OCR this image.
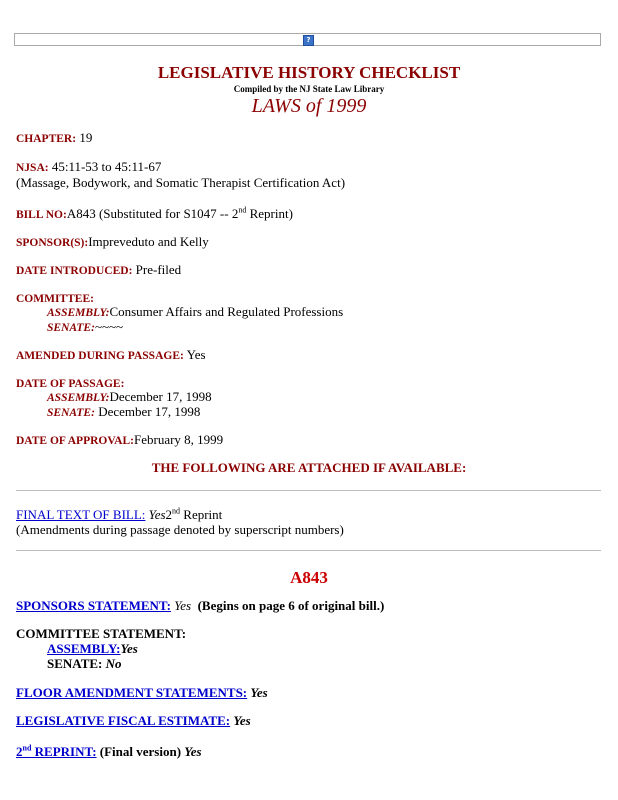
?
LEGISLATIVE HISTORY CHECKLIST
Compiled by the NJ State Law Library
LAWS of 1999
CHAPTER: 19
NJSA: 45:11-53 to 45:11-67
(Massage, Bodywork, and Somatic Therapist Certification Act)
BILL NO:A843 (Substituted for S1047 -- 2nd Reprint)
SPONSOR(S):Impreveduto and Kelly
DATE INTRODUCED: Pre-filed
COMMITTEE:
ASSEMBLY:Consumer Affairs and Regulated Professions
SENATE:~~~~
AMENDED DURING PASSAGE: Yes
DATE OF PASSAGE:
ASSEMBLY:December 17, 1998
SENATE: December 17, 1998
DATE OF APPROVAL:February 8, 1999
THE FOLLOWING ARE ATTACHED IF AVAILABLE:
FINAL TEXT OF BILL: Yes2nd Reprint
(Amendments during passage denoted by superscript numbers)
A843
SPONSORS STATEMENT: Yes (Begins on page 6 of original bill.)
COMMITTEE STATEMENT:
ASSEMBLY:Yes
SENATE: No
FLOOR AMENDMENT STATEMENTS: Yes
LEGISLATIVE FISCAL ESTIMATE: Yes
2nd REPRINT: (Final version) Yes
